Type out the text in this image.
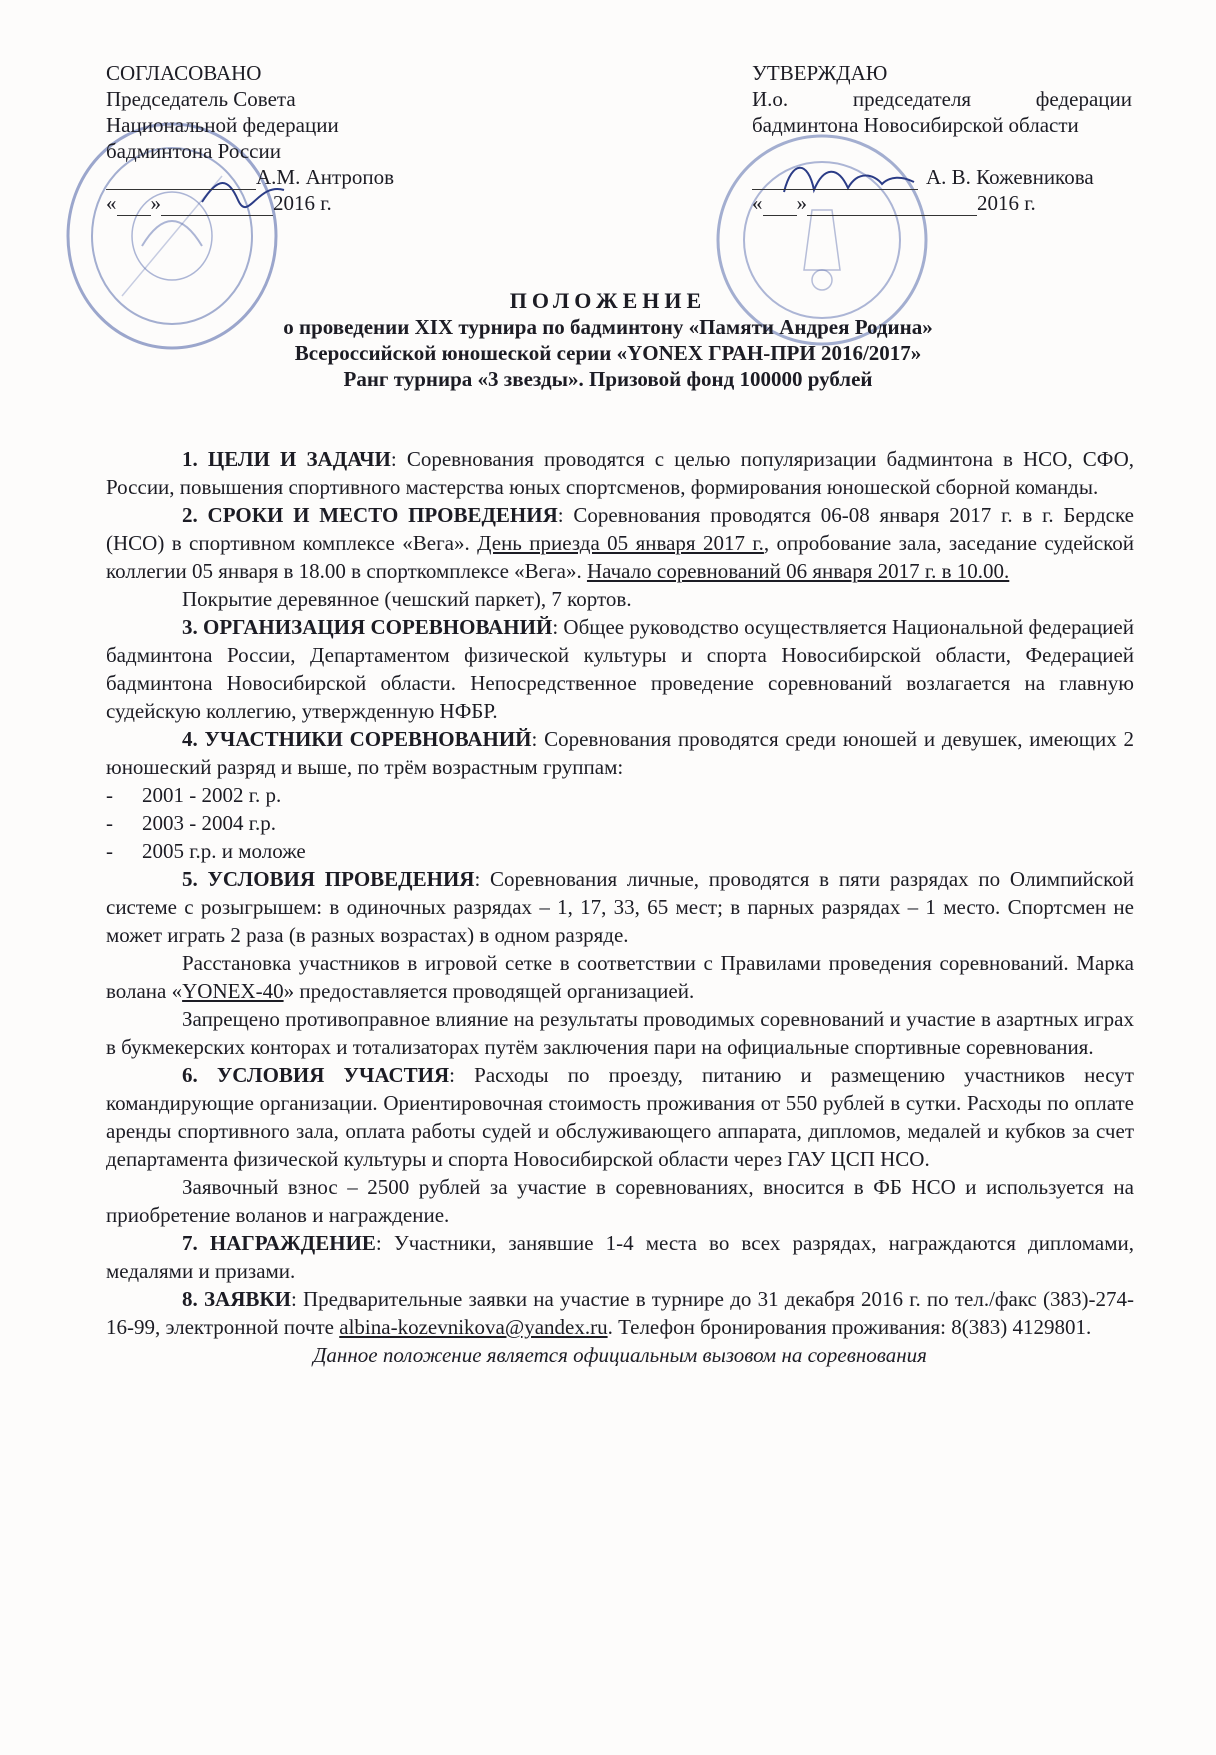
СОГЛАСОВАНО
Председатель Совета
Национальной федерации
бадминтона России
А.М. Антропов
« »	2016 г.
УТВЕРЖДАЮ
И.о.	председателя	федерации
бадминтона Новосибирской области
А. В. Кожевникова
« »	2016 г.
ПОЛОЖЕНИЕ
о проведении XIX турнира по бадминтону «Памяти Андрея Родина»
Всероссийской юношеской серии «YONEX ГРАН-ПРИ 2016/2017»
Ранг турнира «3 звезды». Призовой фонд 100000 рублей

1. ЦЕЛИ И ЗАДАЧИ: Соревнования проводятся с целью популяризации бадминтона в НСО, СФО, России, повышения спортивного мастерства юных спортсменов, формирования юношеской сборной команды.

2. СРОКИ И МЕСТО ПРОВЕДЕНИЯ: Соревнования проводятся 06-08 января 2017 г. в г. Бердске (НСО) в спортивном комплексе «Вега». День приезда 05 января 2017 г., опробование зала, заседание судейской коллегии 05 января в 18.00 в спорткомплексе «Вега». Начало соревнований 06 января 2017 г. в 10.00.

Покрытие деревянное (чешский паркет), 7 кортов.

3. ОРГАНИЗАЦИЯ СОРЕВНОВАНИЙ: Общее руководство осуществляется Национальной федерацией бадминтона России, Департаментом физической культуры и спорта Новосибирской области, Федерацией бадминтона Новосибирской области. Непосредственное проведение соревнований возлагается на главную судейскую коллегию, утвержденную НФБР.

4. УЧАСТНИКИ СОРЕВНОВАНИЙ: Соревнования проводятся среди юношей и девушек, имеющих 2 юношеский разряд и выше, по трём возрастным группам:

-	2001 - 2002 г. р.

-	2003 - 2004 г.р.

-	2005 г.р. и моложе

5. УСЛОВИЯ ПРОВЕДЕНИЯ: Соревнования личные, проводятся в пяти разрядах по Олимпийской системе с розыгрышем: в одиночных разрядах – 1, 17, 33, 65 мест; в парных разрядах – 1 место. Спортсмен не может играть 2 раза (в разных возрастах) в одном разряде.

Расстановка участников в игровой сетке в соответствии с Правилами проведения соревнований. Марка волана «YONEX-40» предоставляется проводящей организацией.

Запрещено противоправное влияние на результаты проводимых соревнований и участие в азартных играх в букмекерских конторах и тотализаторах путём заключения пари на официальные спортивные соревнования.

6. УСЛОВИЯ УЧАСТИЯ: Расходы по проезду, питанию и размещению участников несут командирующие организации. Ориентировочная стоимость проживания от 550 рублей в сутки. Расходы по оплате аренды спортивного зала, оплата работы судей и обслуживающего аппарата, дипломов, медалей и кубков за счет департамента физической культуры и спорта Новосибирской области через ГАУ ЦСП НСО.

Заявочный взнос – 2500 рублей за участие в соревнованиях, вносится в ФБ НСО и используется на приобретение воланов и награждение.

7. НАГРАЖДЕНИЕ: Участники, занявшие 1-4 места во всех разрядах, награждаются дипломами, медалями и призами.

8. ЗАЯВКИ: Предварительные заявки на участие в турнире до 31 декабря 2016 г. по тел./факс (383)-274-16-99, электронной почте albina-kozevnikova@yandex.ru. Телефон бронирования проживания: 8(383) 4129801.

Данное положение является официальным вызовом на соревнования
